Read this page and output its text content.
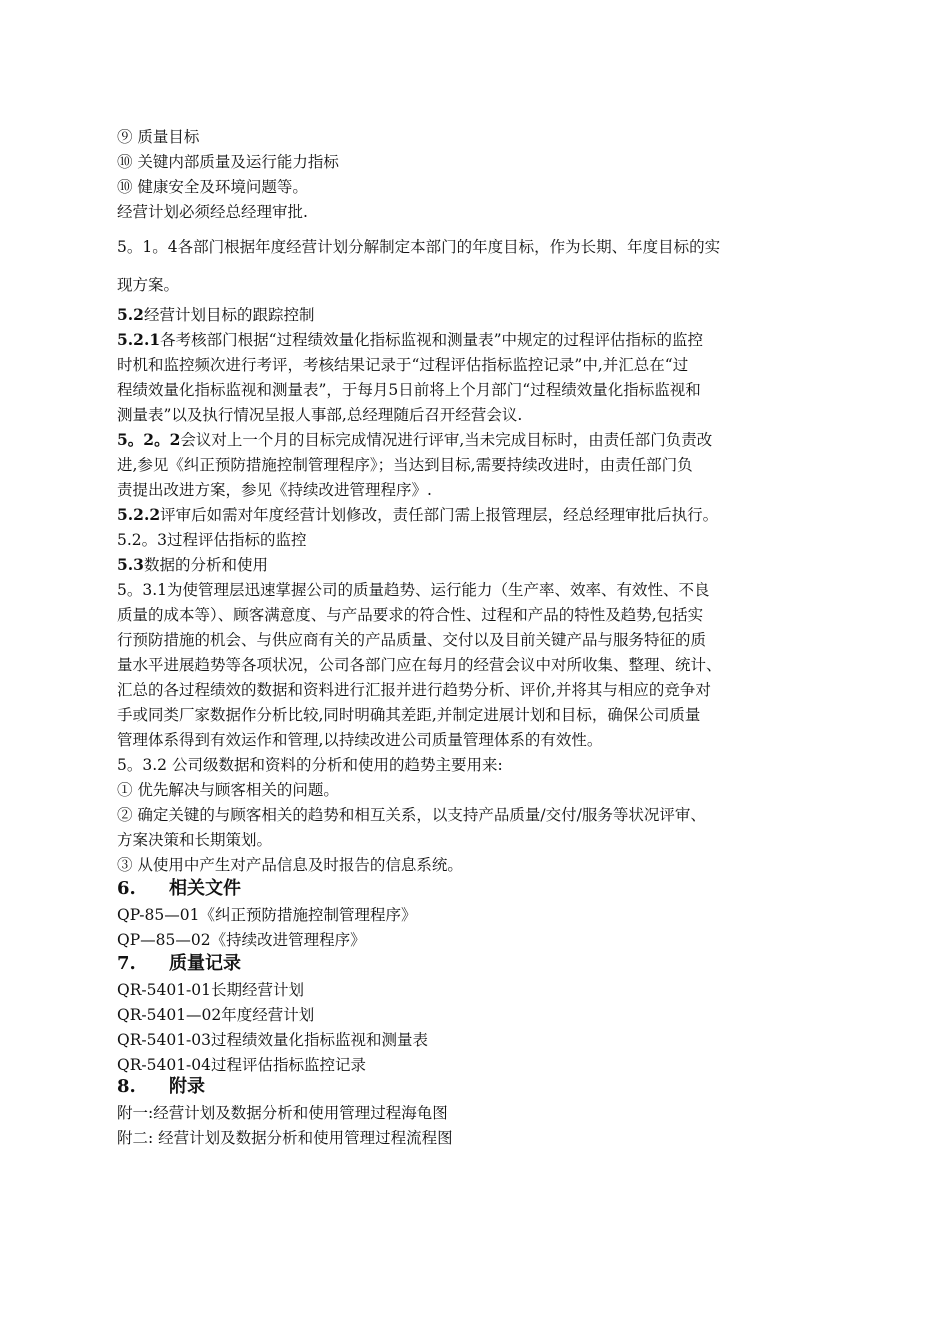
⑨ 质量目标
⑩ 关键内部质量及运行能力指标
⑩ 健康安全及环境问题等。
经营计划必须经总经理审批.
5。1。4各部门根据年度经营计划分解制定本部门的年度目标，作为长期、年度目标的实
现方案。
5.2经营计划目标的跟踪控制
5.2.1各考核部门根据“过程绩效量化指标监视和测量表”中规定的过程评估指标的监控
时机和监控频次进行考评，考核结果记录于“过程评估指标监控记录”中,并汇总在“过
程绩效量化指标监视和测量表”，于每月5日前将上个月部门“过程绩效量化指标监视和
测量表”以及执行情况呈报人事部,总经理随后召开经营会议.
5。2。2会议对上一个月的目标完成情况进行评审,当未完成目标时，由责任部门负责改
进,参见《纠正预防措施控制管理程序》；当达到目标,需要持续改进时，由责任部门负
责提出改进方案，参见《持续改进管理程序》.
5.2.2评审后如需对年度经营计划修改，责任部门需上报管理层，经总经理审批后执行。
5.2。3过程评估指标的监控
5.3数据的分析和使用
5。3.1为使管理层迅速掌握公司的质量趋势、运行能力（生产率、效率、有效性、不良
质量的成本等）、顾客满意度、与产品要求的符合性、过程和产品的特性及趋势,包括实
行预防措施的机会、与供应商有关的产品质量、交付以及目前关键产品与服务特征的质
量水平进展趋势等各项状况，公司各部门应在每月的经营会议中对所收集、整理、统计、
汇总的各过程绩效的数据和资料进行汇报并进行趋势分析、评价,并将其与相应的竞争对
手或同类厂家数据作分析比较,同时明确其差距,并制定进展计划和目标，确保公司质量
管理体系得到有效运作和管理,以持续改进公司质量管理体系的有效性。
5。3.2 公司级数据和资料的分析和使用的趋势主要用来:
① 优先解决与顾客相关的问题。
② 确定关键的与顾客相关的趋势和相互关系，以支持产品质量/交付/服务等状况评审、
方案决策和长期策划。
③ 从使用中产生对产品信息及时报告的信息系统。
6. 相关文件
QP-85—01《纠正预防措施控制管理程序》
QP—85—02《持续改进管理程序》
7. 质量记录
QR-5401-01长期经营计划
QR-5401—02年度经营计划
QR-5401-03过程绩效量化指标监视和测量表
QR-5401-04过程评估指标监控记录
8. 附录
附一:经营计划及数据分析和使用管理过程海龟图
附二: 经营计划及数据分析和使用管理过程流程图
